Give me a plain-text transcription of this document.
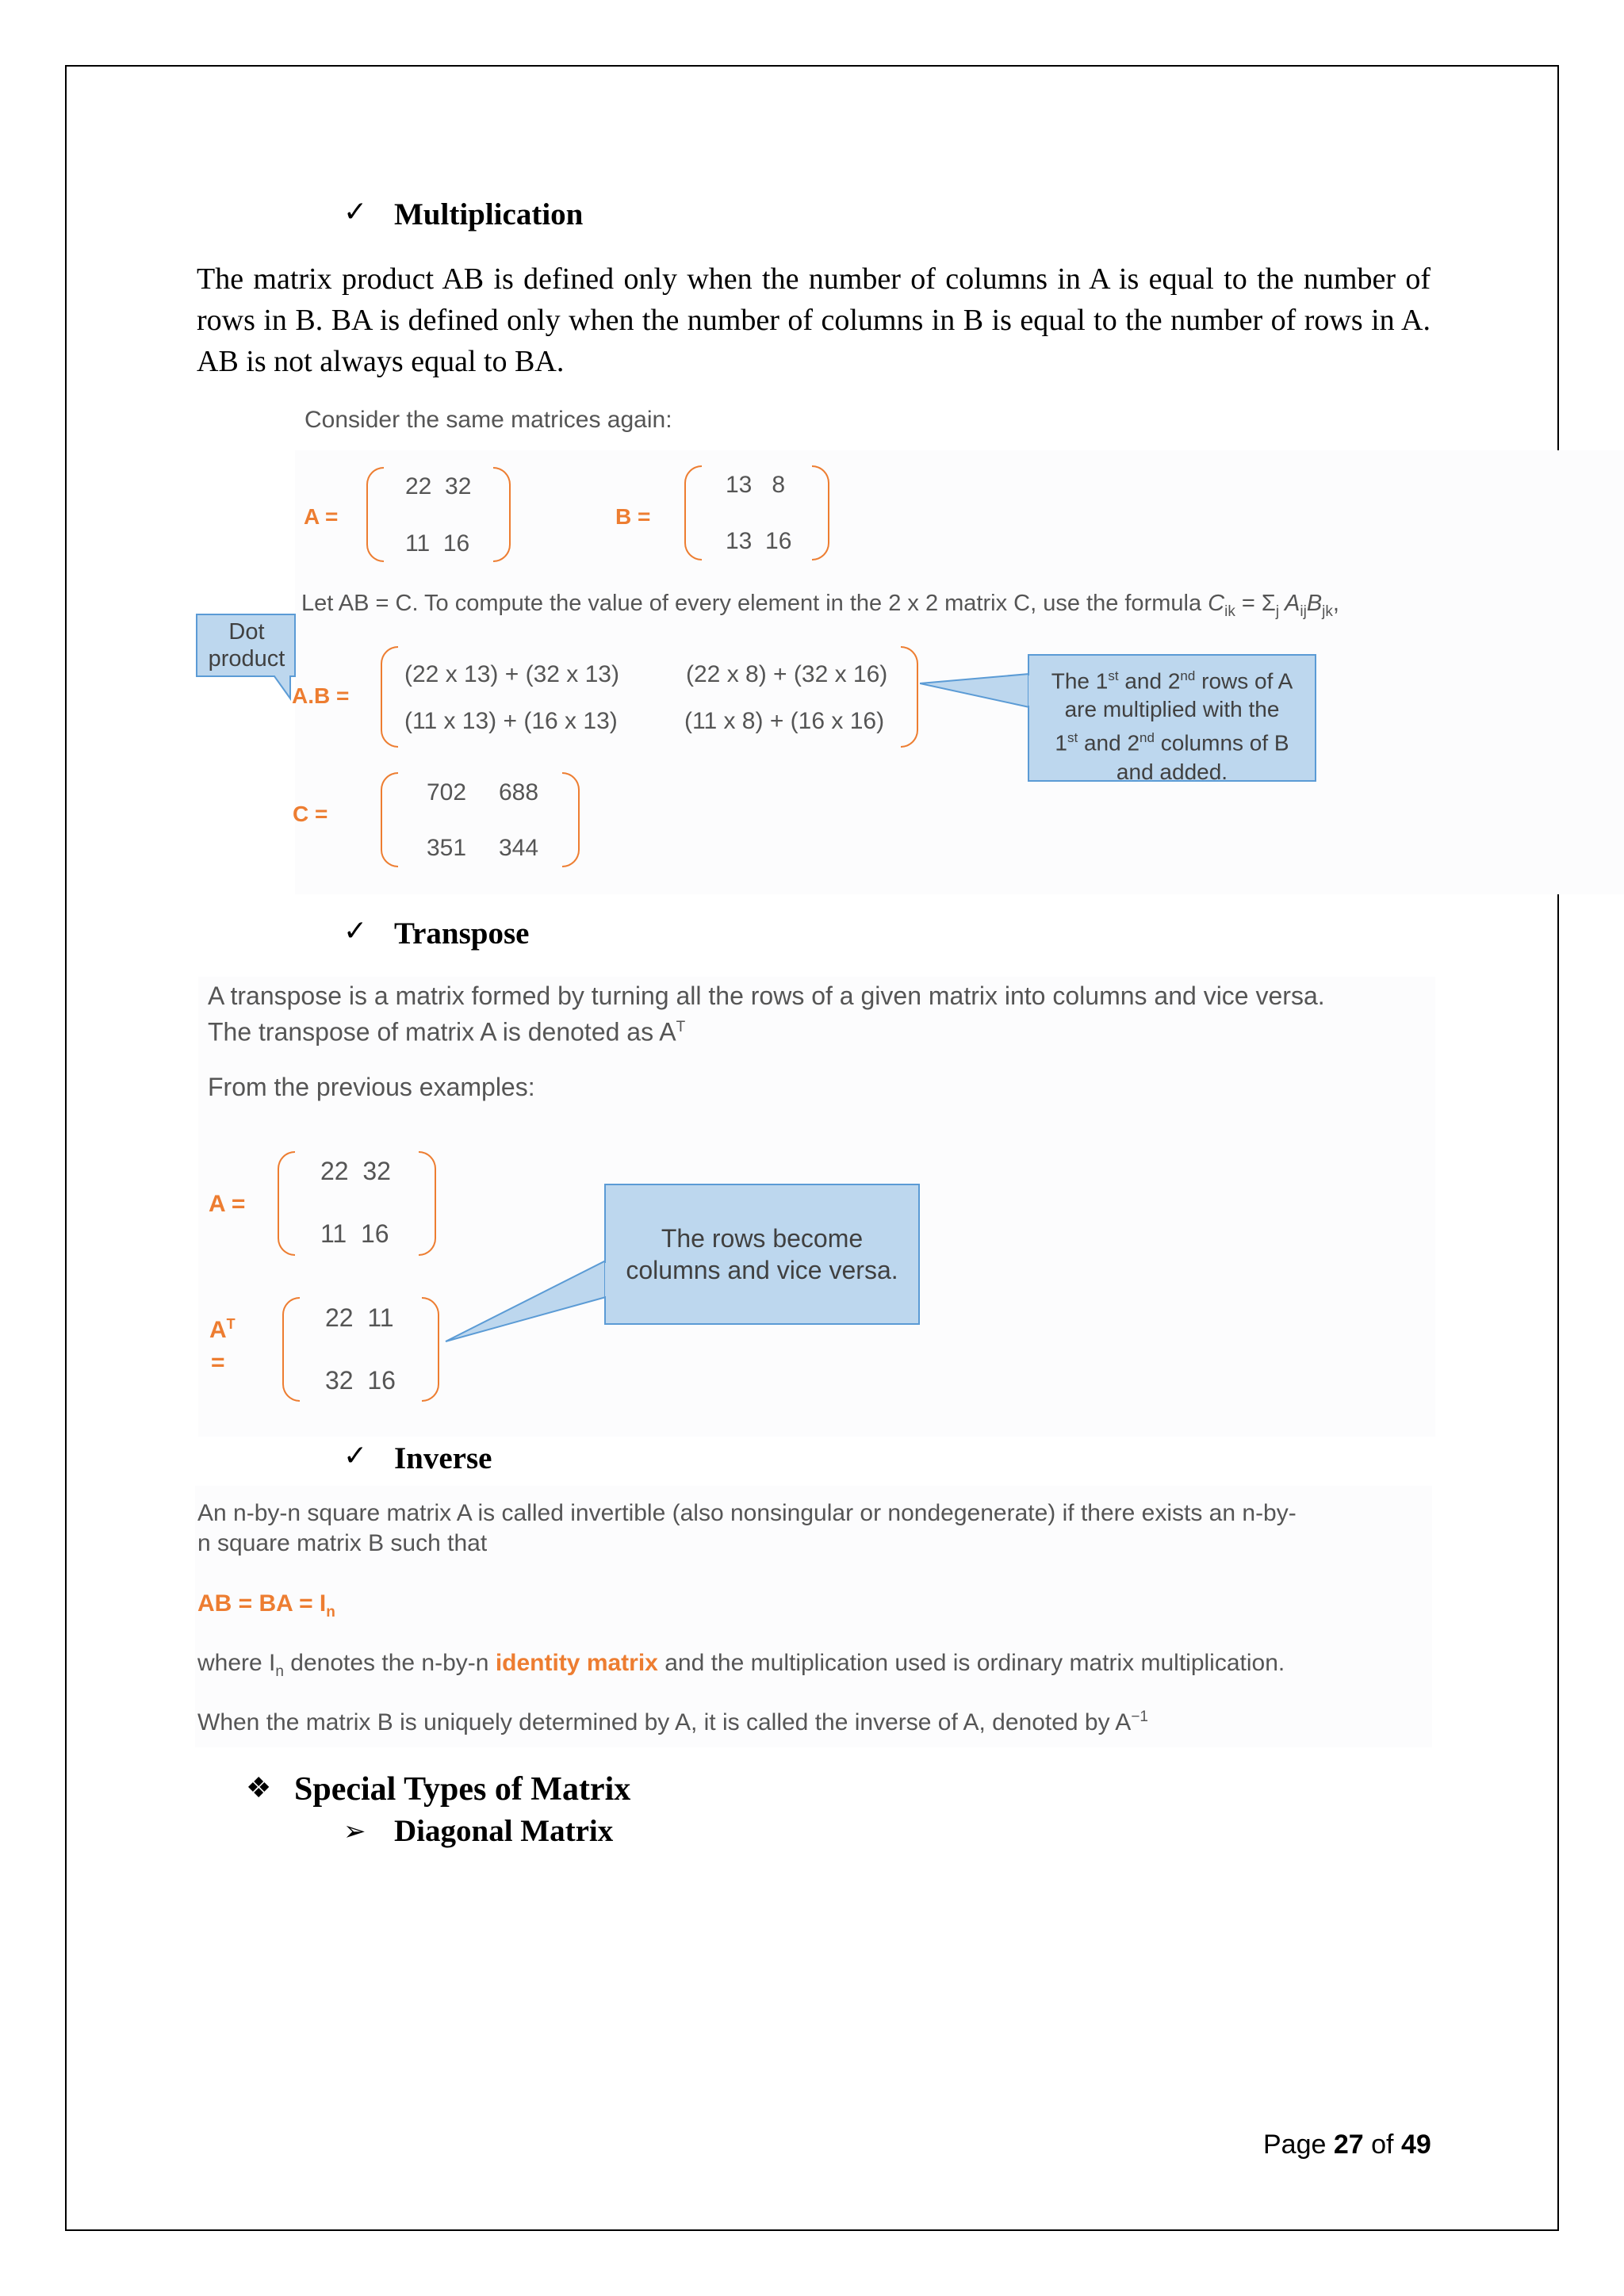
✓ Multiplication
The matrix product AB is defined only when the number of columns in A is equal to the number of rows in B. BA is defined only when the number of columns in B is equal to the number of rows in A. AB is not always equal to BA.
Consider the same matrices again:
A =
22  32
11  16
B =
13   8
13  16
Let AB = C. To compute the value of every element in the 2 x 2 matrix C, use the formula $C_{ik} = \Sigma_j$ $A_{ij}B_{jk}$,
Dot product
A.B =
(22 x 13) + (32 x 13)	(22 x 8) + (32 x 16)
(11 x 13) + (16 x 13)	(11 x 8) + (16 x 16)
The 1st and 2nd rows of A
are multiplied with the
1st and 2nd columns of B
and added.
C =
702 688
351 344
✓ Transpose
A transpose is a matrix formed by turning all the rows of a given matrix into columns and vice versa.
The transpose of matrix A is denoted as $A^T$
From the previous examples:
A =
22  32
11  16
$A^T$
=
22  11
32  16
The rows become
columns and vice versa.
✓ Inverse
An n-by-n square matrix A is called invertible (also nonsingular or nondegenerate) if there exists an n-by-
n square matrix B such that
AB = BA = $I_n$
where $I_n$ denotes the n-by-n identity matrix and the multiplication used is ordinary matrix multiplication.
When the matrix B is uniquely determined by A, it is called the inverse of A, denoted by $A^{-1}$
❖ Special Types of Matrix
➢ Diagonal Matrix
Page 27 of 49
